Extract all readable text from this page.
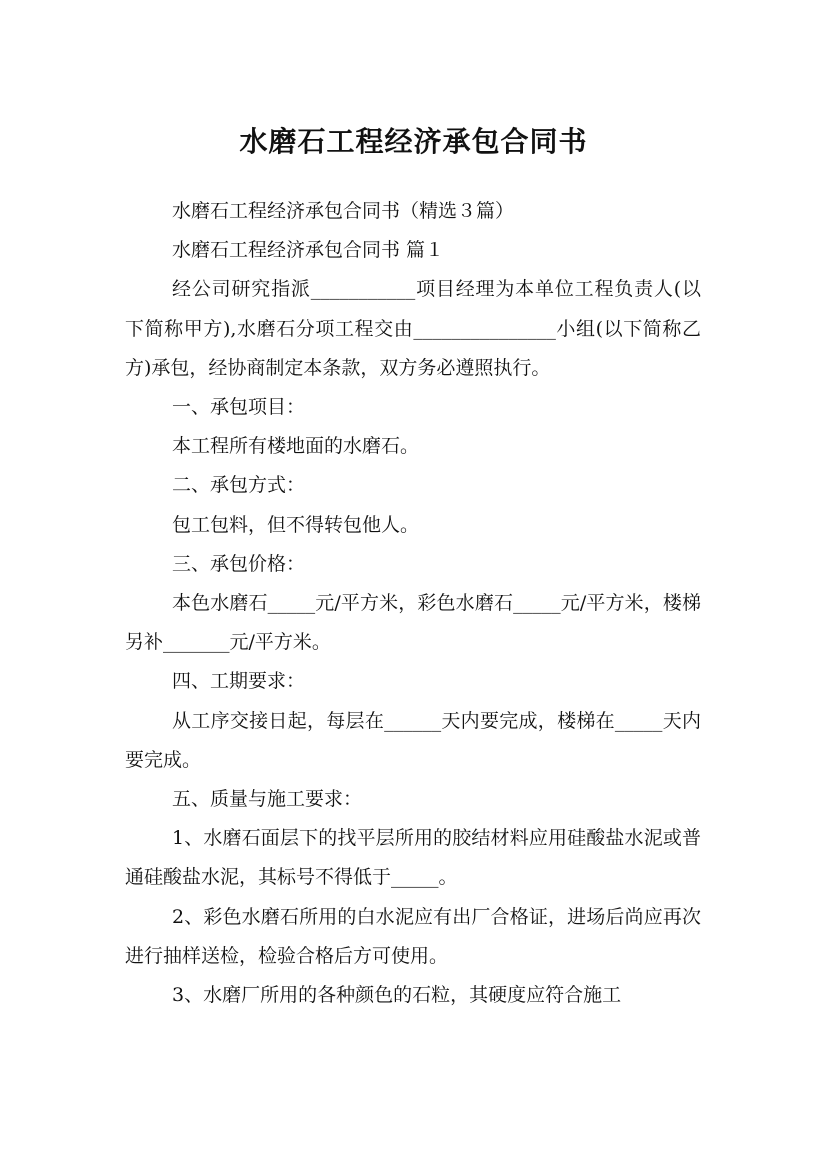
水磨石工程经济承包合同书

水磨石工程经济承包合同书（精选３篇）

水磨石工程经济承包合同书 篇１

经公司研究指派___________项目经理为本单位工程负责人(以下简称甲方),水磨石分项工程交由_______________小组(以下简称乙方)承包，经协商制定本条款，双方务必遵照执行。

一、承包项目：

本工程所有楼地面的水磨石。

二、承包方式：

包工包料，但不得转包他人。

三、承包价格：

本色水磨石_____元/平方米，彩色水磨石_____元/平方米，楼梯另补_______元/平方米。

四、工期要求：

从工序交接日起，每层在______天内要完成，楼梯在_____天内要完成。

五、质量与施工要求：

1、水磨石面层下的找平层所用的胶结材料应用硅酸盐水泥或普通硅酸盐水泥，其标号不得低于_____。

2、彩色水磨石所用的白水泥应有出厂合格证，进场后尚应再次进行抽样送检，检验合格后方可使用。

3、水磨厂所用的各种颜色的石粒，其硬度应符合施工
